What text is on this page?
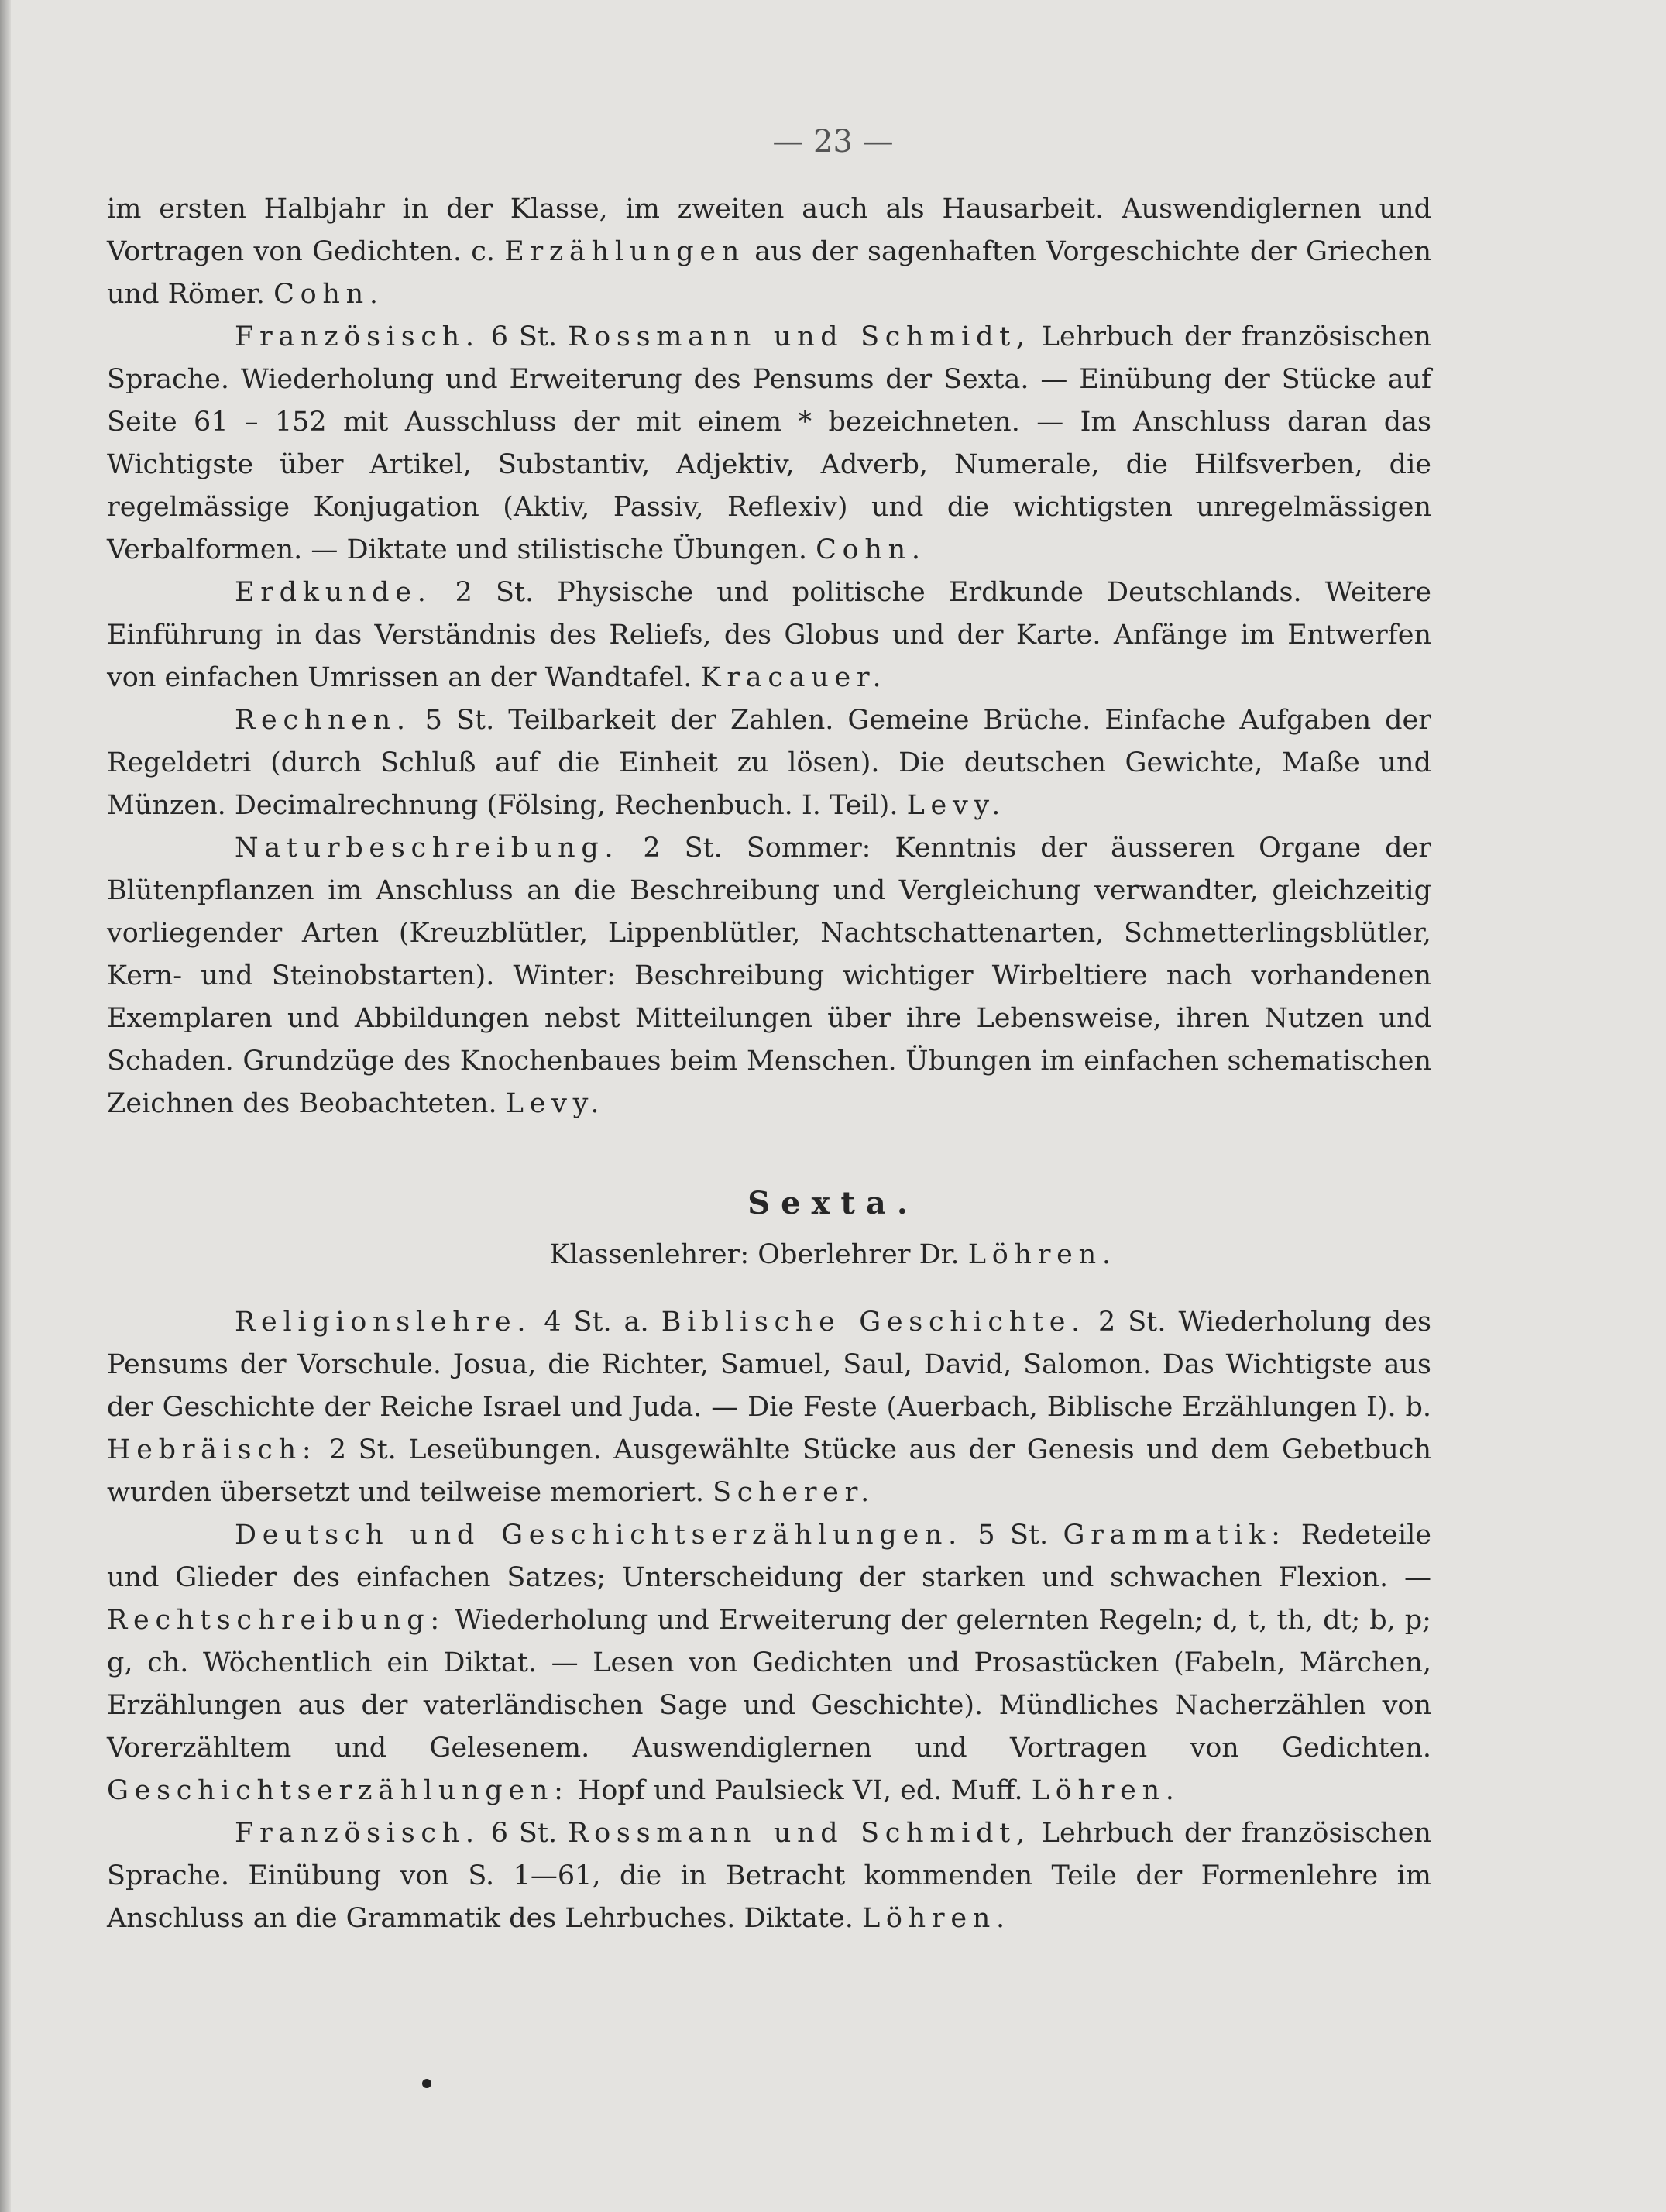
— 23 —

im ersten Halbjahr in der Klasse, im zweiten auch als Hausarbeit. Auswendiglernen und Vortragen von Gedichten. c. Erzählungen aus der sagenhaften Vorgeschichte der Griechen und Römer. Cohn.

Französisch. 6 St. Rossmann und Schmidt, Lehrbuch der französischen Sprache. Wiederholung und Erweiterung des Pensums der Sexta. — Einübung der Stücke auf Seite 61 – 152 mit Ausschluss der mit einem * bezeichneten. — Im Anschluss daran das Wichtigste über Artikel, Substantiv, Adjektiv, Adverb, Numerale, die Hilfsverben, die regelmässige Konjugation (Aktiv, Passiv, Reflexiv) und die wichtigsten unregelmässigen Verbalformen. — Diktate und stilistische Übungen. Cohn.

Erdkunde. 2 St. Physische und politische Erdkunde Deutschlands. Weitere Einführung in das Verständnis des Reliefs, des Globus und der Karte. Anfänge im Entwerfen von einfachen Umrissen an der Wandtafel. Kracauer.

Rechnen. 5 St. Teilbarkeit der Zahlen. Gemeine Brüche. Einfache Aufgaben der Regeldetri (durch Schluß auf die Einheit zu lösen). Die deutschen Gewichte, Maße und Münzen. Decimalrechnung (Fölsing, Rechenbuch. I. Teil). Levy.

Naturbeschreibung. 2 St. Sommer: Kenntnis der äusseren Organe der Blütenpflanzen im Anschluss an die Beschreibung und Vergleichung verwandter, gleichzeitig vorliegender Arten (Kreuzblütler, Lippenblütler, Nachtschattenarten, Schmetterlingsblütler, Kern- und Steinobstarten). Winter: Beschreibung wichtiger Wirbeltiere nach vorhandenen Exemplaren und Abbildungen nebst Mitteilungen über ihre Lebensweise, ihren Nutzen und Schaden. Grundzüge des Knochenbaues beim Menschen. Übungen im einfachen schematischen Zeichnen des Beobachteten. Levy.

Sexta.
Klassenlehrer: Oberlehrer Dr. Löhren.

Religionslehre. 4 St. a. Biblische Geschichte. 2 St. Wiederholung des Pensums der Vorschule. Josua, die Richter, Samuel, Saul, David, Salomon. Das Wichtigste aus der Geschichte der Reiche Israel und Juda. — Die Feste (Auerbach, Biblische Erzählungen I). b. Hebräisch: 2 St. Leseübungen. Ausgewählte Stücke aus der Genesis und dem Gebetbuch wurden übersetzt und teilweise memoriert. Scherer.

Deutsch und Geschichtserzählungen. 5 St. Grammatik: Redeteile und Glieder des einfachen Satzes; Unterscheidung der starken und schwachen Flexion. — Rechtschreibung: Wiederholung und Erweiterung der gelernten Regeln; d, t, th, dt; b, p; g, ch. Wöchentlich ein Diktat. — Lesen von Gedichten und Prosastücken (Fabeln, Märchen, Erzählungen aus der vaterländischen Sage und Geschichte). Mündliches Nacherzählen von Vorerzähltem und Gelesenem. Auswendiglernen und Vortragen von Gedichten. Geschichtserzählungen: Hopf und Paulsieck VI, ed. Muff. Löhren.

Französisch. 6 St. Rossmann und Schmidt, Lehrbuch der französischen Sprache. Einübung von S. 1—61, die in Betracht kommenden Teile der Formenlehre im Anschluss an die Grammatik des Lehrbuches. Diktate. Löhren.
